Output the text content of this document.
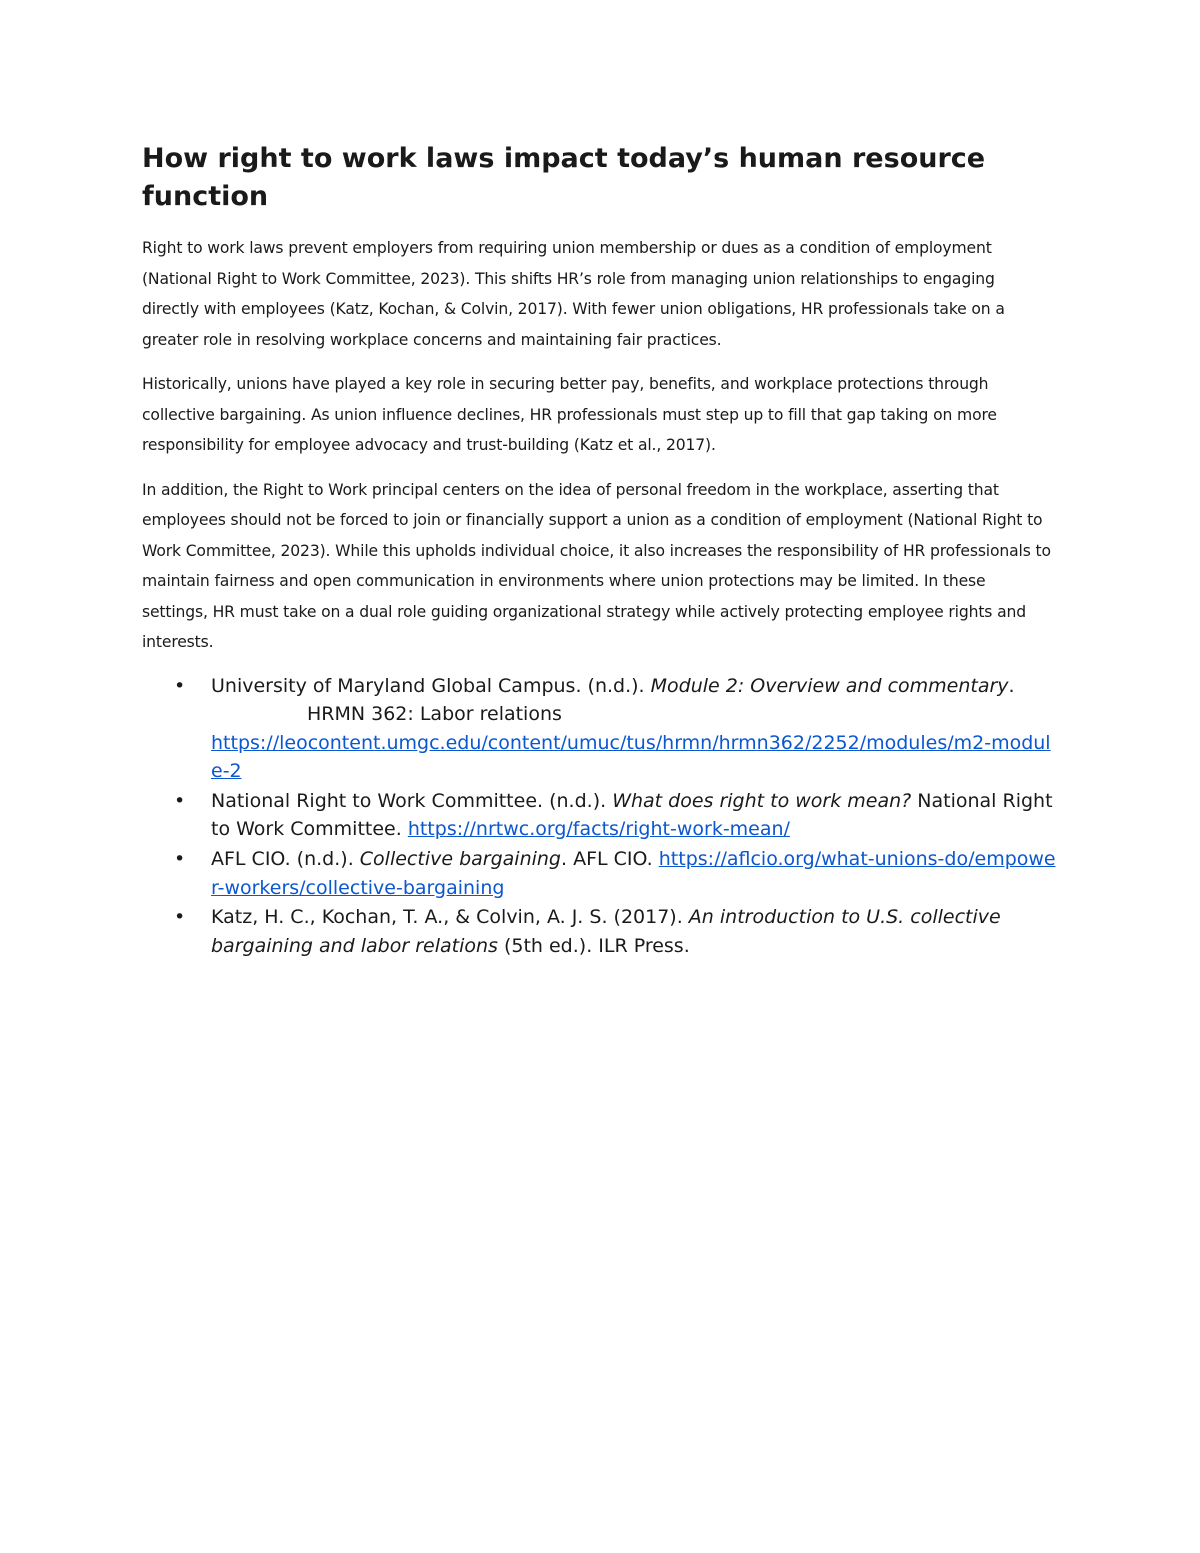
How right to work laws impact today’s human resource function

Right to work laws prevent employers from requiring union membership or dues as a condition of employment (National Right to Work Committee, 2023). This shifts HR’s role from managing union relationships to engaging directly with employees (Katz, Kochan, & Colvin, 2017). With fewer union obligations, HR professionals take on a greater role in resolving workplace concerns and maintaining fair practices.

Historically, unions have played a key role in securing better pay, benefits, and workplace protections through collective bargaining. As union influence declines, HR professionals must step up to fill that gap taking on more responsibility for employee advocacy and trust-building (Katz et al., 2017).

In addition, the Right to Work principal centers on the idea of personal freedom in the workplace, asserting that employees should not be forced to join or financially support a union as a condition of employment (National Right to Work Committee, 2023). While this upholds individual choice, it also increases the responsibility of HR professionals to maintain fairness and open communication in environments where union protections may be limited. In these settings, HR must take on a dual role guiding organizational strategy while actively protecting employee rights and interests.

• University of Maryland Global Campus. (n.d.). Module 2: Overview and commentary.HRMN 362: Labor relations
https://leocontent.umgc.edu/content/umuc/tus/hrmn/hrmn362/2252/modules/m2-module-2
• National Right to Work Committee. (n.d.). What does right to work mean? National Right to Work Committee. https://nrtwc.org/facts/right-work-mean/
• AFL CIO. (n.d.). Collective bargaining. AFL CIO. https://aflcio.org/what-unions-do/empower-workers/collective-bargaining
• Katz, H. C., Kochan, T. A., & Colvin, A. J. S. (2017). An introduction to U.S. collective bargaining and labor relations (5th ed.). ILR Press.
